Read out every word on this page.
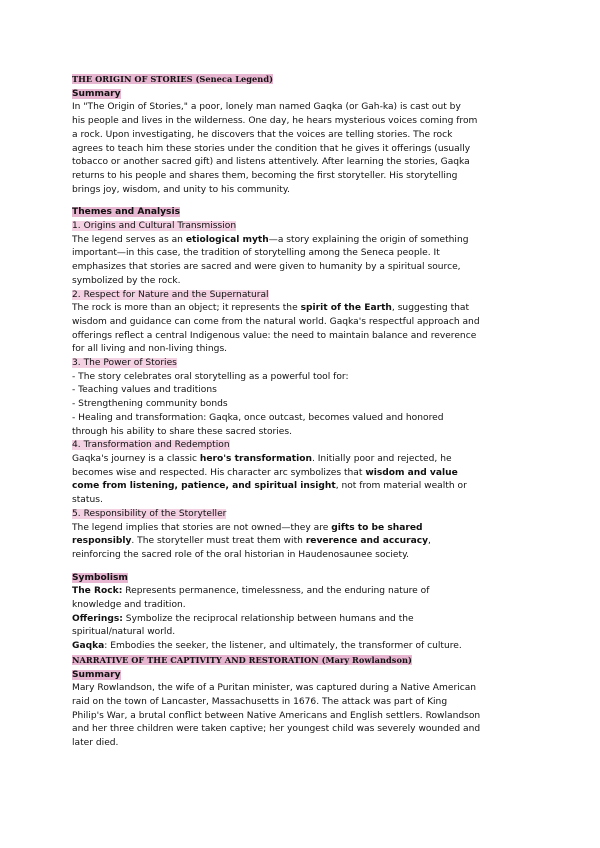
THE ORIGIN OF STORIES (Seneca Legend)
Summary
In "The Origin of Stories," a poor, lonely man named Gaqka (or Gah-ka) is cast out by
his people and lives in the wilderness. One day, he hears mysterious voices coming from
a rock. Upon investigating, he discovers that the voices are telling stories. The rock
agrees to teach him these stories under the condition that he gives it offerings (usually
tobacco or another sacred gift) and listens attentively. After learning the stories, Gaqka
returns to his people and shares them, becoming the first storyteller. His storytelling
brings joy, wisdom, and unity to his community.
Themes and Analysis
1. Origins and Cultural Transmission
The legend serves as an etiological myth—a story explaining the origin of something
important—in this case, the tradition of storytelling among the Seneca people. It
emphasizes that stories are sacred and were given to humanity by a spiritual source,
symbolized by the rock.
2. Respect for Nature and the Supernatural
The rock is more than an object; it represents the spirit of the Earth, suggesting that
wisdom and guidance can come from the natural world. Gaqka's respectful approach and
offerings reflect a central Indigenous value: the need to maintain balance and reverence
for all living and non-living things.
3. The Power of Stories
- The story celebrates oral storytelling as a powerful tool for:
- Teaching values and traditions
- Strengthening community bonds
- Healing and transformation: Gaqka, once outcast, becomes valued and honored
through his ability to share these sacred stories.
4. Transformation and Redemption
Gaqka's journey is a classic hero's transformation. Initially poor and rejected, he
becomes wise and respected. His character arc symbolizes that wisdom and value
come from listening, patience, and spiritual insight, not from material wealth or
status.
5. Responsibility of the Storyteller
The legend implies that stories are not owned—they are gifts to be shared
responsibly. The storyteller must treat them with reverence and accuracy,
reinforcing the sacred role of the oral historian in Haudenosaunee society.
Symbolism
The Rock: Represents permanence, timelessness, and the enduring nature of
knowledge and tradition.
Offerings: Symbolize the reciprocal relationship between humans and the
spiritual/natural world.
Gaqka: Embodies the seeker, the listener, and ultimately, the transformer of culture.
NARRATIVE OF THE CAPTIVITY AND RESTORATION (Mary Rowlandson)
Summary
Mary Rowlandson, the wife of a Puritan minister, was captured during a Native American
raid on the town of Lancaster, Massachusetts in 1676. The attack was part of King
Philip's War, a brutal conflict between Native Americans and English settlers. Rowlandson
and her three children were taken captive; her youngest child was severely wounded and
later died.
